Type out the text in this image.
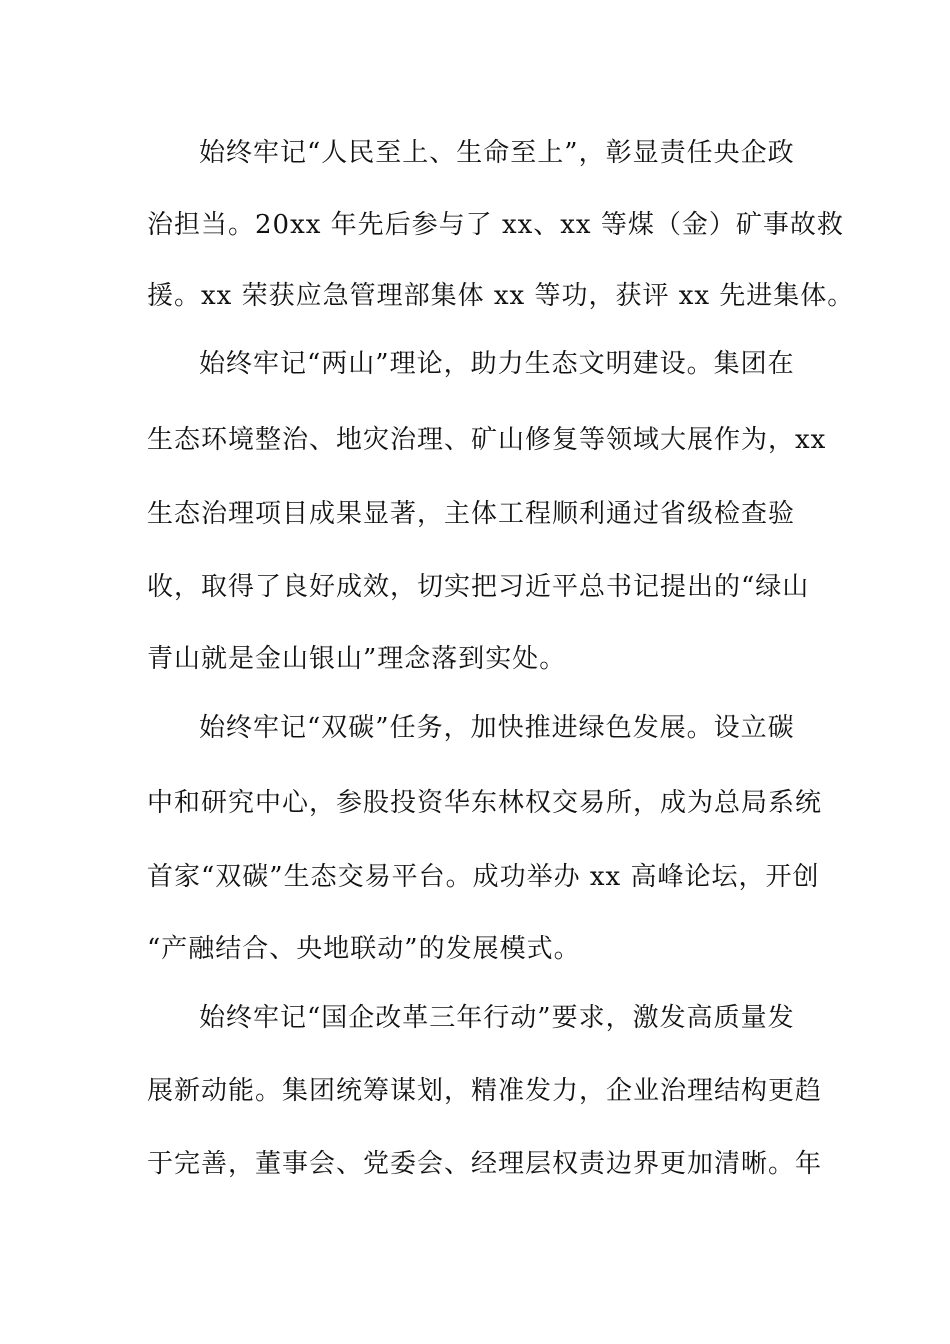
始终牢记“人民至上、生命至上”，彰显责任央企政
治担当。20xx 年先后参与了 xx、xx 等煤（金）矿事故救
援。xx 荣获应急管理部集体 xx 等功，获评 xx 先进集体。
始终牢记“两山”理论，助力生态文明建设。集团在
生态环境整治、地灾治理、矿山修复等领域大展作为，xx
生态治理项目成果显著，主体工程顺利通过省级检查验
收，取得了良好成效，切实把习近平总书记提出的“绿山
青山就是金山银山”理念落到实处。
始终牢记“双碳”任务，加快推进绿色发展。设立碳
中和研究中心，参股投资华东林权交易所，成为总局系统
首家“双碳”生态交易平台。成功举办 xx 高峰论坛，开创
“产融结合、央地联动”的发展模式。
始终牢记“国企改革三年行动”要求，激发高质量发
展新动能。集团统筹谋划，精准发力，企业治理结构更趋
于完善，董事会、党委会、经理层权责边界更加清晰。年
